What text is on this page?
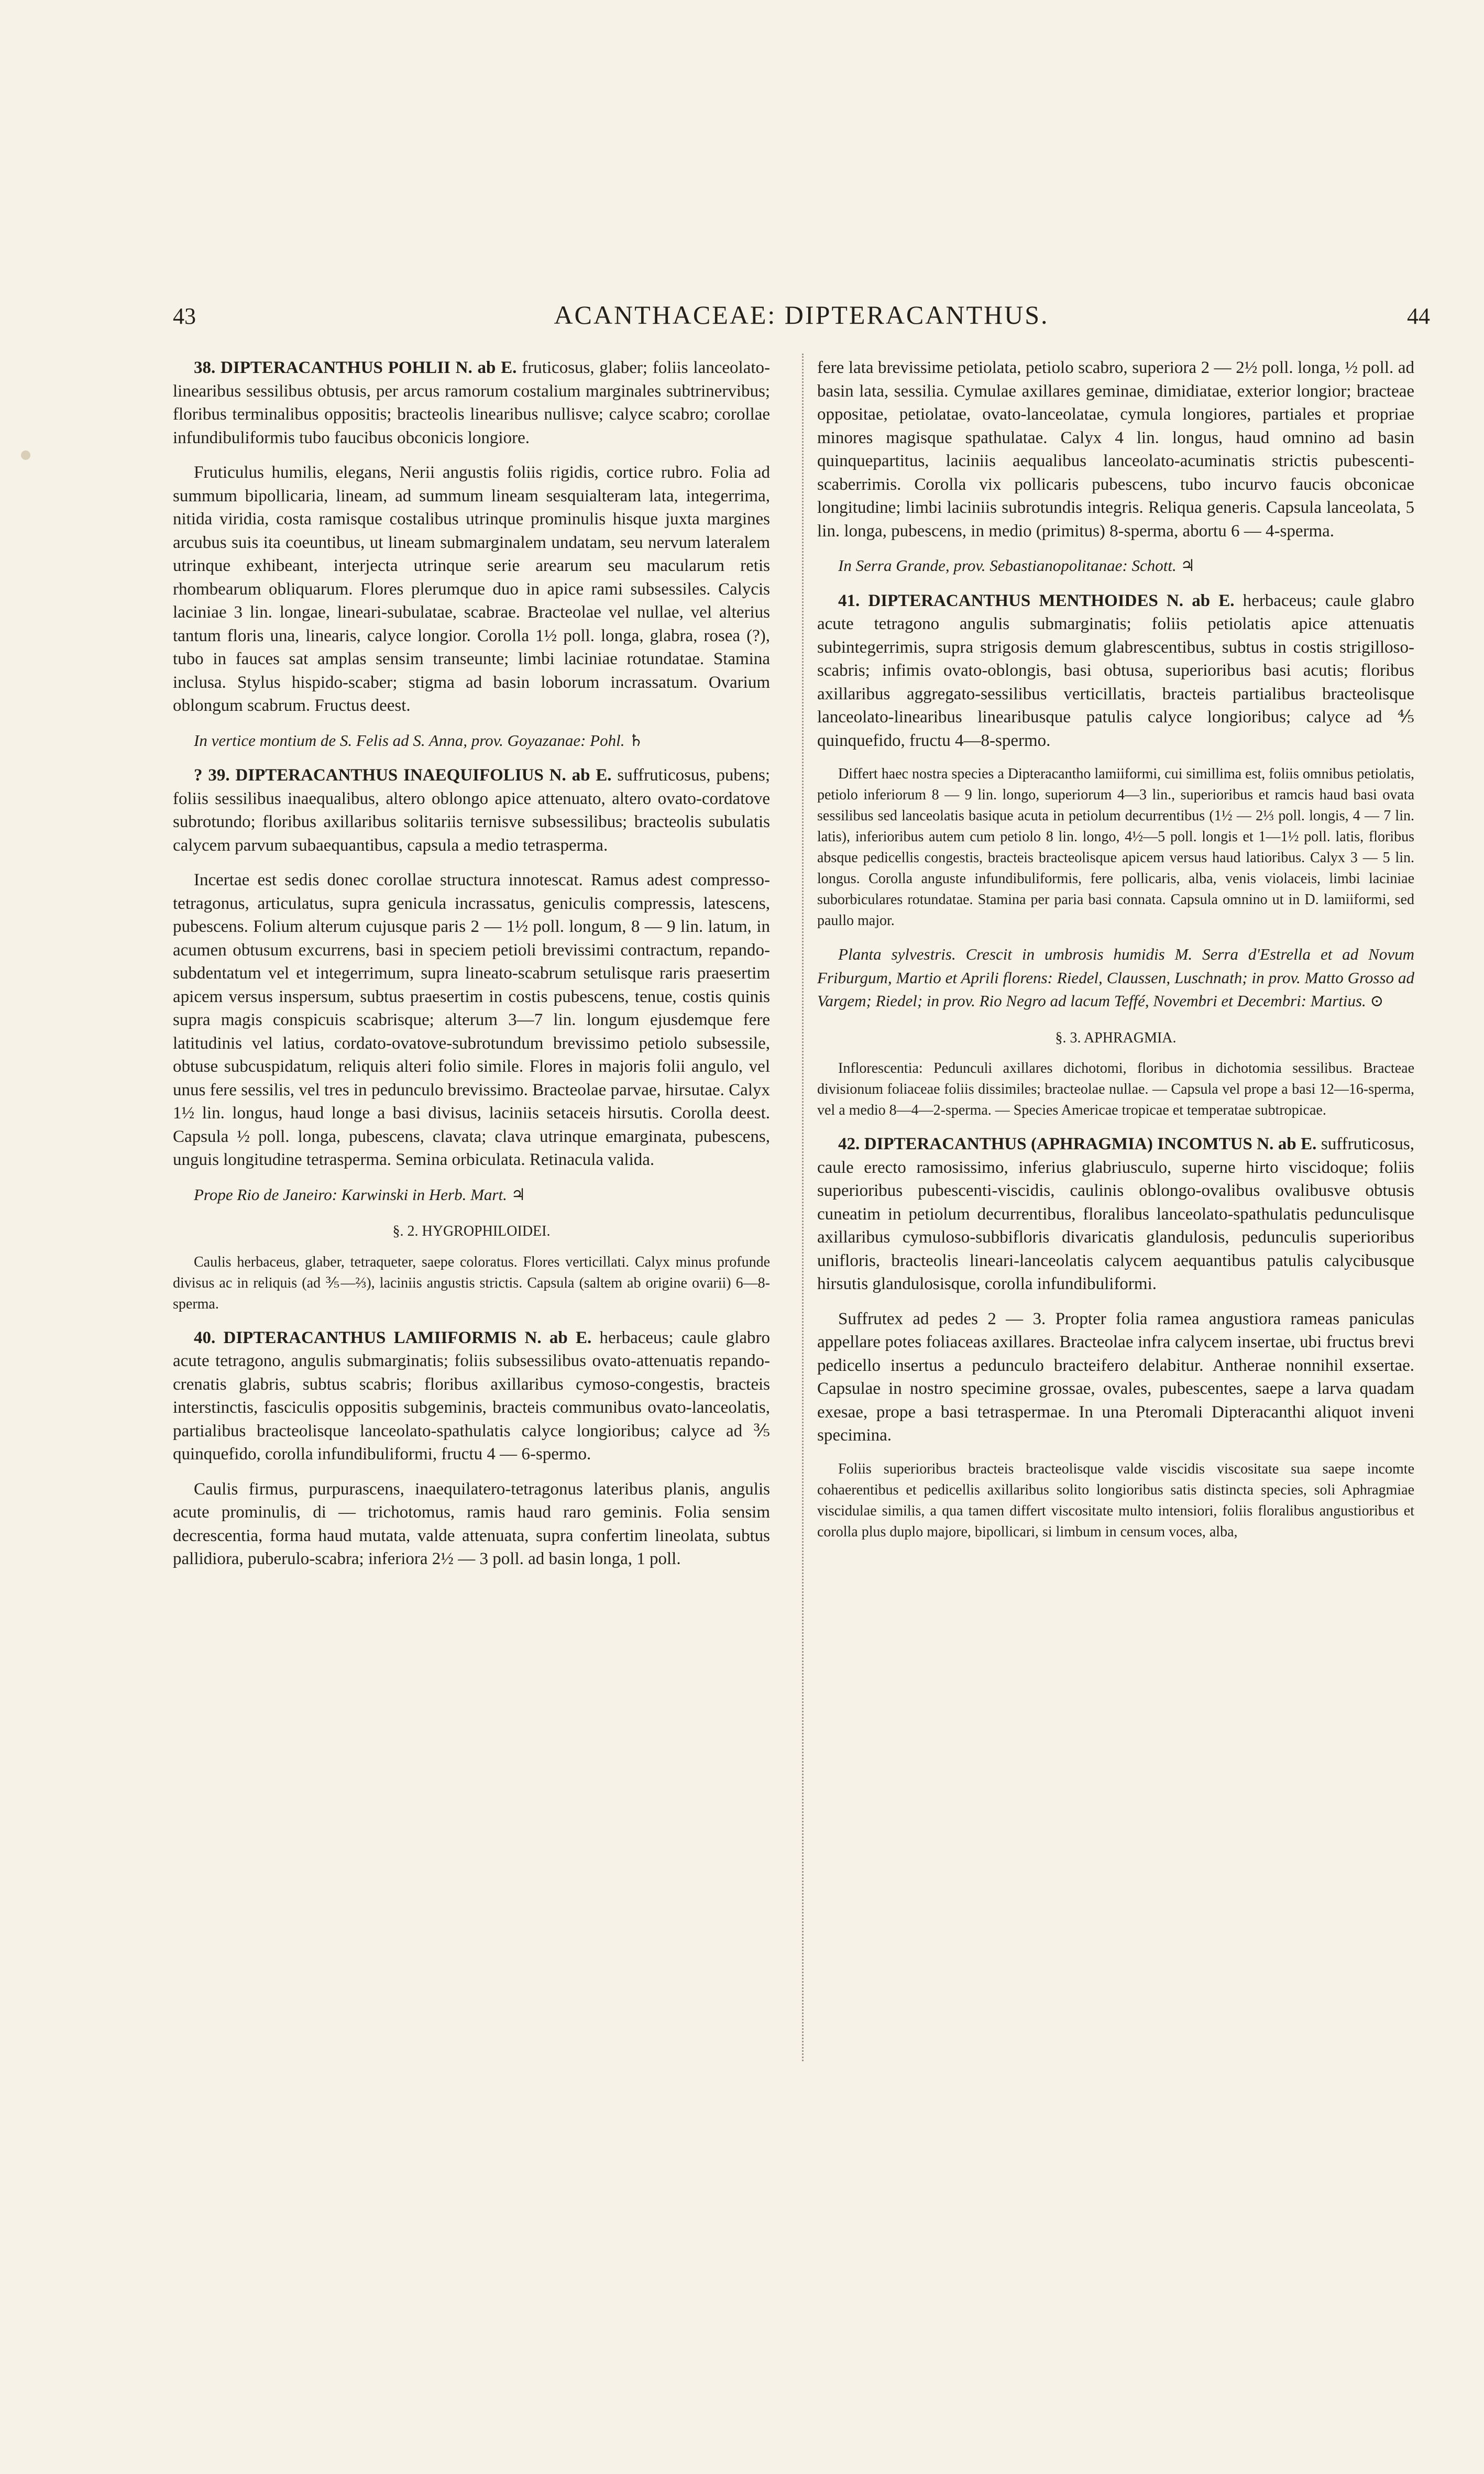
43	ACANTHACEAE: DIPTERACANTHUS.	44

38. DIPTERACANTHUS POHLII N. ab E. fruticosus, glaber; foliis lanceolato-linearibus sessilibus obtusis, per arcus ramorum costalium marginales subtrinervibus; floribus terminalibus oppositis; bracteolis linearibus nullisve; calyce scabro; corollae infundibuliformis tubo faucibus obconicis longiore.

Fruticulus humilis, elegans, Nerii angustis foliis rigidis, cortice rubro. Folia ad summum bipollicaria, lineam, ad summum lineam sesquialteram lata, integerrima, nitida viridia, costa ramisque costalibus utrinque prominulis hisque juxta margines arcubus suis ita coeuntibus, ut lineam submarginalem undatam, seu nervum lateralem utrinque exhibeant, interjecta utrinque serie arearum seu macularum retis rhombearum obliquarum. Flores plerumque duo in apice rami subsessiles. Calycis laciniae 3 lin. longae, lineari-subulatae, scabrae. Bracteolae vel nullae, vel alterius tantum floris una, linearis, calyce longior. Corolla 1½ poll. longa, glabra, rosea (?), tubo in fauces sat amplas sensim transeunte; limbi laciniae rotundatae. Stamina inclusa. Stylus hispido-scaber; stigma ad basin loborum incrassatum. Ovarium oblongum scabrum. Fructus deest.

In vertice montium de S. Felis ad S. Anna, prov. Goyazanae: Pohl. ♄

? 39. DIPTERACANTHUS INAEQUIFOLIUS N. ab E. suffruticosus, pubens; foliis sessilibus inaequalibus, altero oblongo apice attenuato, altero ovato-cordatove subrotundo; floribus axillaribus solitariis ternisve subsessilibus; bracteolis subulatis calycem parvum subaequantibus, capsula a medio tetrasperma.

Incertae est sedis donec corollae structura innotescat. Ramus adest compresso-tetragonus, articulatus, supra genicula incrassatus, geniculis compressis, latescens, pubescens. Folium alterum cujusque paris 2 — 1½ poll. longum, 8 — 9 lin. latum, in acumen obtusum excurrens, basi in speciem petioli brevissimi contractum, repando-subdentatum vel et integerrimum, supra lineato-scabrum setulisque raris praesertim apicem versus inspersum, subtus praesertim in costis pubescens, tenue, costis quinis supra magis conspicuis scabrisque; alterum 3—7 lin. longum ejusdemque fere latitudinis vel latius, cordato-ovatove-subrotundum brevissimo petiolo subsessile, obtuse subcuspidatum, reliquis alteri folio simile. Flores in majoris folii angulo, vel unus fere sessilis, vel tres in pedunculo brevissimo. Bracteolae parvae, hirsutae. Calyx 1½ lin. longus, haud longe a basi divisus, laciniis setaceis hirsutis. Corolla deest. Capsula ½ poll. longa, pubescens, clavata; clava utrinque emarginata, pubescens, unguis longitudine tetrasperma. Semina orbiculata. Retinacula valida.

Prope Rio de Janeiro: Karwinski in Herb. Mart. ♃

§. 2. HYGROPHILOIDEI.

Caulis herbaceus, glaber, tetraqueter, saepe coloratus. Flores verticillati. Calyx minus profunde divisus ac in reliquis (ad ⅗—⅔), laciniis angustis strictis. Capsula (saltem ab origine ovarii) 6—8-sperma.

40. DIPTERACANTHUS LAMIIFORMIS N. ab E. herbaceus; caule glabro acute tetragono, angulis submarginatis; foliis subsessilibus ovato-attenuatis repando-crenatis glabris, subtus scabris; floribus axillaribus cymoso-congestis, bracteis interstinctis, fasciculis oppositis subgeminis, bracteis communibus ovato-lanceolatis, partialibus bracteolisque lanceolato-spathulatis calyce longioribus; calyce ad ⅗ quinquefido, corolla infundibuliformi, fructu 4 — 6-spermo.

Caulis firmus, purpurascens, inaequilatero-tetragonus lateribus planis, angulis acute prominulis, di — trichotomus, ramis haud raro geminis. Folia sensim decrescentia, forma haud mutata, valde attenuata, supra confertim lineolata, subtus pallidiora, puberulo-scabra; inferiora 2½ — 3 poll. ad basin longa, 1 poll.

fere lata brevissime petiolata, petiolo scabro, superiora 2 — 2½ poll. longa, ½ poll. ad basin lata, sessilia. Cymulae axillares geminae, dimidiatae, exterior longior; bracteae oppositae, petiolatae, ovato-lanceolatae, cymula longiores, partiales et propriae minores magisque spathulatae. Calyx 4 lin. longus, haud omnino ad basin quinquepartitus, laciniis aequalibus lanceolato-acuminatis strictis pubescenti-scaberrimis. Corolla vix pollicaris pubescens, tubo incurvo faucis obconicae longitudine; limbi laciniis subrotundis integris. Reliqua generis. Capsula lanceolata, 5 lin. longa, pubescens, in medio (primitus) 8-sperma, abortu 6 — 4-sperma.

In Serra Grande, prov. Sebastianopolitanae: Schott. ♃

41. DIPTERACANTHUS MENTHOIDES N. ab E. herbaceus; caule glabro acute tetragono angulis submarginatis; foliis petiolatis apice attenuatis subintegerrimis, supra strigosis demum glabrescentibus, subtus in costis strigilloso-scabris; infimis ovato-oblongis, basi obtusa, superioribus basi acutis; floribus axillaribus aggregato-sessilibus verticillatis, bracteis partialibus bracteolisque lanceolato-linearibus linearibusque patulis calyce longioribus; calyce ad ⅘ quinquefido, fructu 4—8-spermo.

Differt haec nostra species a Dipteracantho lamiiformi, cui simillima est, foliis omnibus petiolatis, petiolo inferiorum 8 — 9 lin. longo, superiorum 4—3 lin., superioribus et ramcis haud basi ovata sessilibus sed lanceolatis basique acuta in petiolum decurrentibus (1½ — 2⅓ poll. longis, 4 — 7 lin. latis), inferioribus autem cum petiolo 8 lin. longo, 4½—5 poll. longis et 1—1½ poll. latis, floribus absque pedicellis congestis, bracteis bracteolisque apicem versus haud latioribus. Calyx 3 — 5 lin. longus. Corolla anguste infundibuliformis, fere pollicaris, alba, venis violaceis, limbi laciniae suborbiculares rotundatae. Stamina per paria basi connata. Capsula omnino ut in D. lamiiformi, sed paullo major.

Planta sylvestris. Crescit in umbrosis humidis M. Serra d'Estrella et ad Novum Friburgum, Martio et Aprili florens: Riedel, Claussen, Luschnath; in prov. Matto Grosso ad Vargem; Riedel; in prov. Rio Negro ad lacum Teffé, Novembri et Decembri: Martius. ⊙

§. 3. APHRAGMIA.

Inflorescentia: Pedunculi axillares dichotomi, floribus in dichotomia sessilibus. Bracteae divisionum foliaceae foliis dissimiles; bracteolae nullae. — Capsula vel prope a basi 12—16-sperma, vel a medio 8—4—2-sperma. — Species Americae tropicae et temperatae subtropicae.

42. DIPTERACANTHUS (APHRAGMIA) INCOMTUS N. ab E. suffruticosus, caule erecto ramosissimo, inferius glabriusculo, superne hirto viscidoque; foliis superioribus pubescenti-viscidis, caulinis oblongo-ovalibus ovalibusve obtusis cuneatim in petiolum decurrentibus, floralibus lanceolato-spathulatis pedunculisque axillaribus cymuloso-subbifloris divaricatis glandulosis, pedunculis superioribus unifloris, bracteolis lineari-lanceolatis calycem aequantibus patulis calycibusque hirsutis glandulosisque, corolla infundibuliformi.

Suffrutex ad pedes 2 — 3. Propter folia ramea angustiora rameas paniculas appellare potes foliaceas axillares. Bracteolae infra calycem insertae, ubi fructus brevi pedicello insertus a pedunculo bracteifero delabitur. Antherae nonnihil exsertae. Capsulae in nostro specimine grossae, ovales, pubescentes, saepe a larva quadam exesae, prope a basi tetraspermae. In una Pteromali Dipteracanthi aliquot inveni specimina.

Foliis superioribus bracteis bracteolisque valde viscidis viscositate sua saepe incomte cohaerentibus et pedicellis axillaribus solito longioribus satis distincta species, soli Aphragmiae viscidulae similis, a qua tamen differt viscositate multo intensiori, foliis floralibus angustioribus et corolla plus duplo majore, bipollicari, si limbum in censum voces, alba,
